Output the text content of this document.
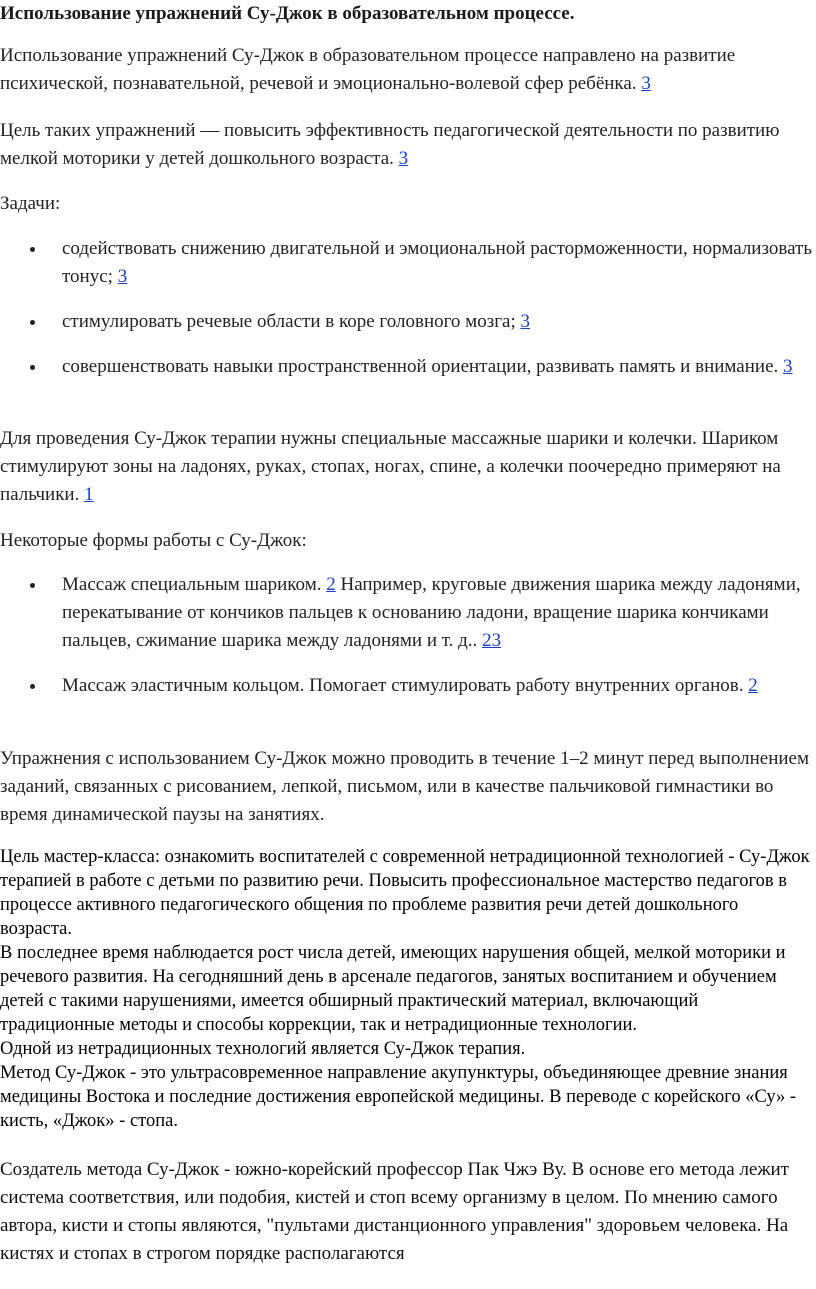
Использование упражнений Су-Джок в образовательном процессе.

Использование упражнений Су-Джок в образовательном процессе направлено на развитие психической, познавательной, речевой и эмоционально-волевой сфер ребёнка. 3

Цель таких упражнений — повысить эффективность педагогической деятельности по развитию мелкой моторики у детей дошкольного возраста. 3

Задачи:

содействовать снижению двигательной и эмоциональной расторможенности, нормализовать тонус; 3
стимулировать речевые области в коре головного мозга; 3
совершенствовать навыки пространственной ориентации, развивать память и внимание. 3

Для проведения Су-Джок терапии нужны специальные массажные шарики и колечки. Шариком стимулируют зоны на ладонях, руках, стопах, ногах, спине, а колечки поочередно примеряют на пальчики. 1

Некоторые формы работы с Су-Джок:

Массаж специальным шариком. 2 Например, круговые движения шарика между ладонями, перекатывание от кончиков пальцев к основанию ладони, вращение шарика кончиками пальцев, сжимание шарика между ладонями и т. д.. 23
Массаж эластичным кольцом. Помогает стимулировать работу внутренних органов. 2

Упражнения с использованием Су-Джок можно проводить в течение 1–2 минут перед выполнением заданий, связанных с рисованием, лепкой, письмом, или в качестве пальчиковой гимнастики во время динамической паузы на занятиях.

Цель мастер-класса: ознакомить воспитателей с современной нетрадиционной технологией - Су-Джок терапией в работе с детьми по развитию речи. Повысить профессиональное мастерство педагогов в процессе активного педагогического общения по проблеме развития речи детей дошкольного возраста.
В последнее время наблюдается рост числа детей, имеющих нарушения общей, мелкой моторики и речевого развития. На сегодняшний день в арсенале педагогов, занятых воспитанием и обучением детей с такими нарушениями, имеется обширный практический материал, включающий традиционные методы и способы коррекции, так и нетрадиционные технологии.
Одной из нетрадиционных технологий является Су-Джок терапия.
Метод Су-Джок - это ультрасовременное направление акупунктуры, объединяющее древние знания медицины Востока и последние достижения европейской медицины. В переводе с корейского «Су» - кисть, «Джок» - стопа.

Создатель метода Су-Джок - южно-корейский профессор Пак Чжэ Ву. В основе его метода лежит система соответствия, или подобия, кистей и стоп всему организму в целом. По мнению самого автора, кисти и стопы являются, "пультами дистанционного управления" здоровьем человека. На кистях и стопах в строгом порядке располагаются
